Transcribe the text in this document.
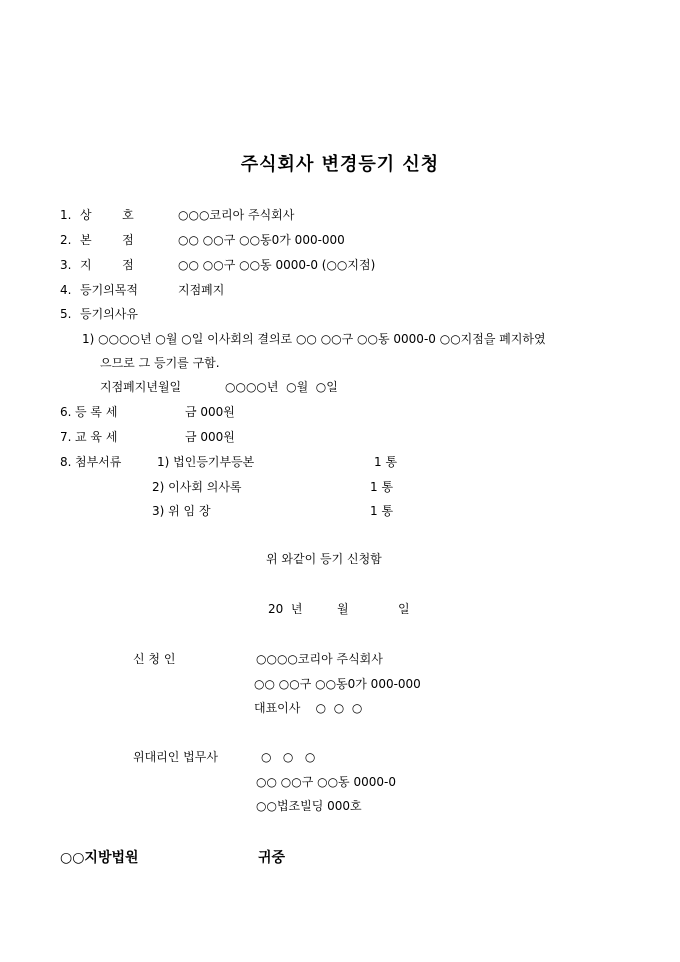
주식회사 변경등기 신청
1. 상        호	○○○코리아 주식회사
2. 본        점	○○ ○○구 ○○동0가 000-000
3. 지        점	○○ ○○구 ○○동 0000-0 (○○지점)
4. 등기의목적	지점폐지
5. 등기의사유
1) ○○○○년 ○월 ○일 이사회의 결의로 ○○ ○○구 ○○동 0000-0 ○○지점을 폐지하였
으므로 그 등기를 구함.
지점폐지년월일	○○○○년  ○월  ○일
6. 등 록 세	금 000원
7. 교 육 세	금 000원
8. 첨부서류	1) 법인등기부등본	1 통
2) 이사회 의사록	1 통
3) 위 임 장	1 통
위 와같이 등기 신청함
20  년	월	일
신 청 인	○○○○코리아 주식회사
○○ ○○구 ○○동0가 000-000
대표이사    ○  ○  ○
위대리인 법무사	○   ○   ○
○○ ○○구 ○○동 0000-0
○○법조빌딩 000호
○○지방법원	귀중
